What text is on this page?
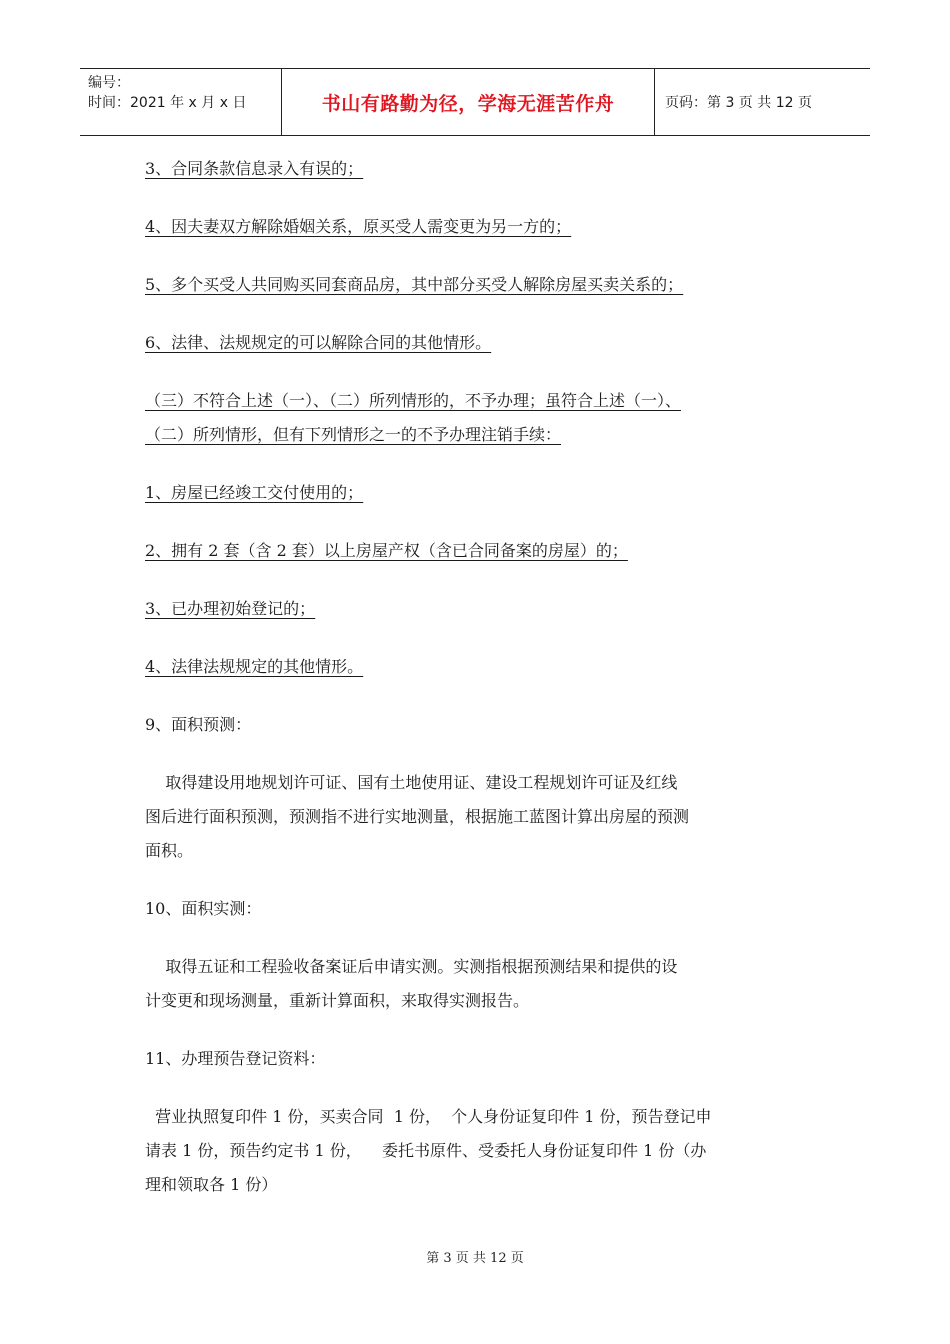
编号：
时间：2021 年 x 月 x 日	书山有路勤为径，学海无涯苦作舟	页码：第 3 页 共 12 页

3、合同条款信息录入有误的；

4、因夫妻双方解除婚姻关系，原买受人需变更为另一方的；

5、多个买受人共同购买同套商品房，其中部分买受人解除房屋买卖关系的；

6、法律、法规规定的可以解除合同的其他情形。

（三）不符合上述（一）、（二）所列情形的，不予办理；虽符合上述（一）、
（二）所列情形，但有下列情形之一的不予办理注销手续：

1、房屋已经竣工交付使用的；

2、拥有 2 套（含 2 套）以上房屋产权（含已合同备案的房屋）的；

3、已办理初始登记的；

4、法律法规规定的其他情形。

9、面积预测：

取得建设用地规划许可证、国有土地使用证、建设工程规划许可证及红线
图后进行面积预测，预测指不进行实地测量，根据施工蓝图计算出房屋的预测
面积。

10、面积实测：

取得五证和工程验收备案证后申请实测。实测指根据预测结果和提供的设
计变更和现场测量，重新计算面积，来取得实测报告。

11、办理预告登记资料：

营业执照复印件 1 份，买卖合同  1 份，  个人身份证复印件 1 份，预告登记申
请表 1 份，预告约定书 1 份，    委托书原件、受委托人身份证复印件 1 份（办
理和领取各 1 份）

第 3 页 共 12 页
